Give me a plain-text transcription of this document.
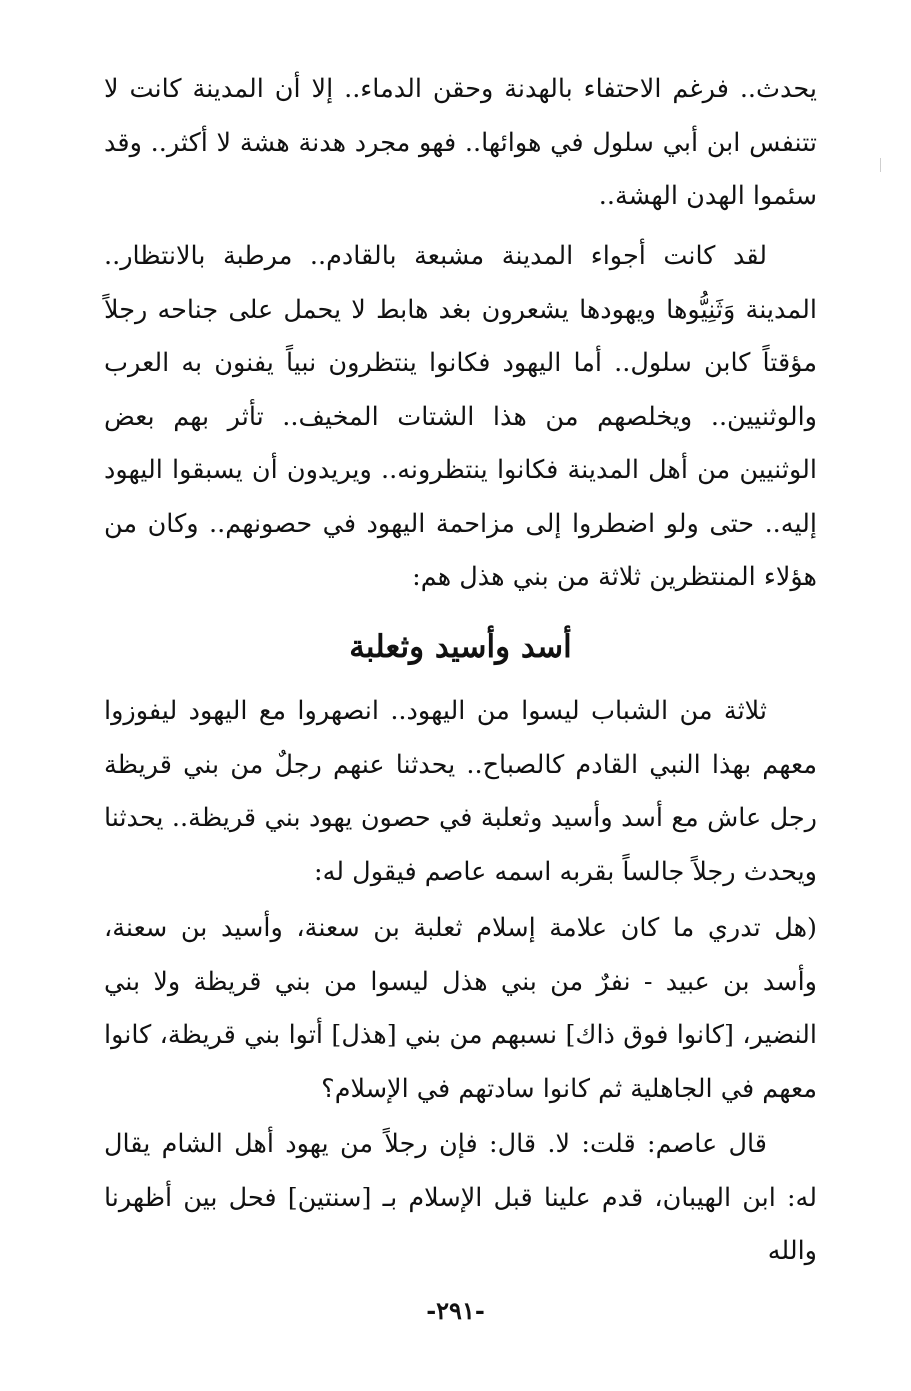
يحدث.. فرغم الاحتفاء بالهدنة وحقن الدماء.. إلا أن المدينة كانت لا تتنفس ابن أبي سلول في هوائها.. فهو مجرد هدنة هشة لا أكثر.. وقد سئموا الهدن الهشة..

لقد كانت أجواء المدينة مشبعة بالقادم.. مرطبة بالانتظار.. المدينة وَثَنِيُّوها ويهودها يشعرون بغد هابط لا يحمل على جناحه رجلاً مؤقتاً كابن سلول.. أما اليهود فكانوا ينتظرون نبياً يفنون به العرب والوثنيين.. ويخلصهم من هذا الشتات المخيف.. تأثر بهم بعض الوثنيين من أهل المدينة فكانوا ينتظرونه.. ويريدون أن يسبقوا اليهود إليه.. حتى ولو اضطروا إلى مزاحمة اليهود في حصونهم.. وكان من هؤلاء المنتظرين ثلاثة من بني هذل هم:

أسد وأسيد وثعلبة

ثلاثة من الشباب ليسوا من اليهود.. انصهروا مع اليهود ليفوزوا معهم بهذا النبي القادم كالصباح.. يحدثنا عنهم رجلٌ من بني قريظة رجل عاش مع أسد وأسيد وثعلبة في حصون يهود بني قريظة.. يحدثنا ويحدث رجلاً جالساً بقربه اسمه عاصم فيقول له:

(هل تدري ما كان علامة إسلام ثعلبة بن سعنة، وأسيد بن سعنة، وأسد بن عبيد - نفرٌ من بني هذل ليسوا من بني قريظة ولا بني النضير، [كانوا فوق ذاك] نسبهم من بني [هذل] أتوا بني قريظة، كانوا معهم في الجاهلية ثم كانوا سادتهم في الإسلام؟

قال عاصم: قلت: لا. قال: فإن رجلاً من يهود أهل الشام يقال له: ابن الهيبان، قدم علينا قبل الإسلام بـ [سنتين] فحل بين أظهرنا والله

-٢٩١-
